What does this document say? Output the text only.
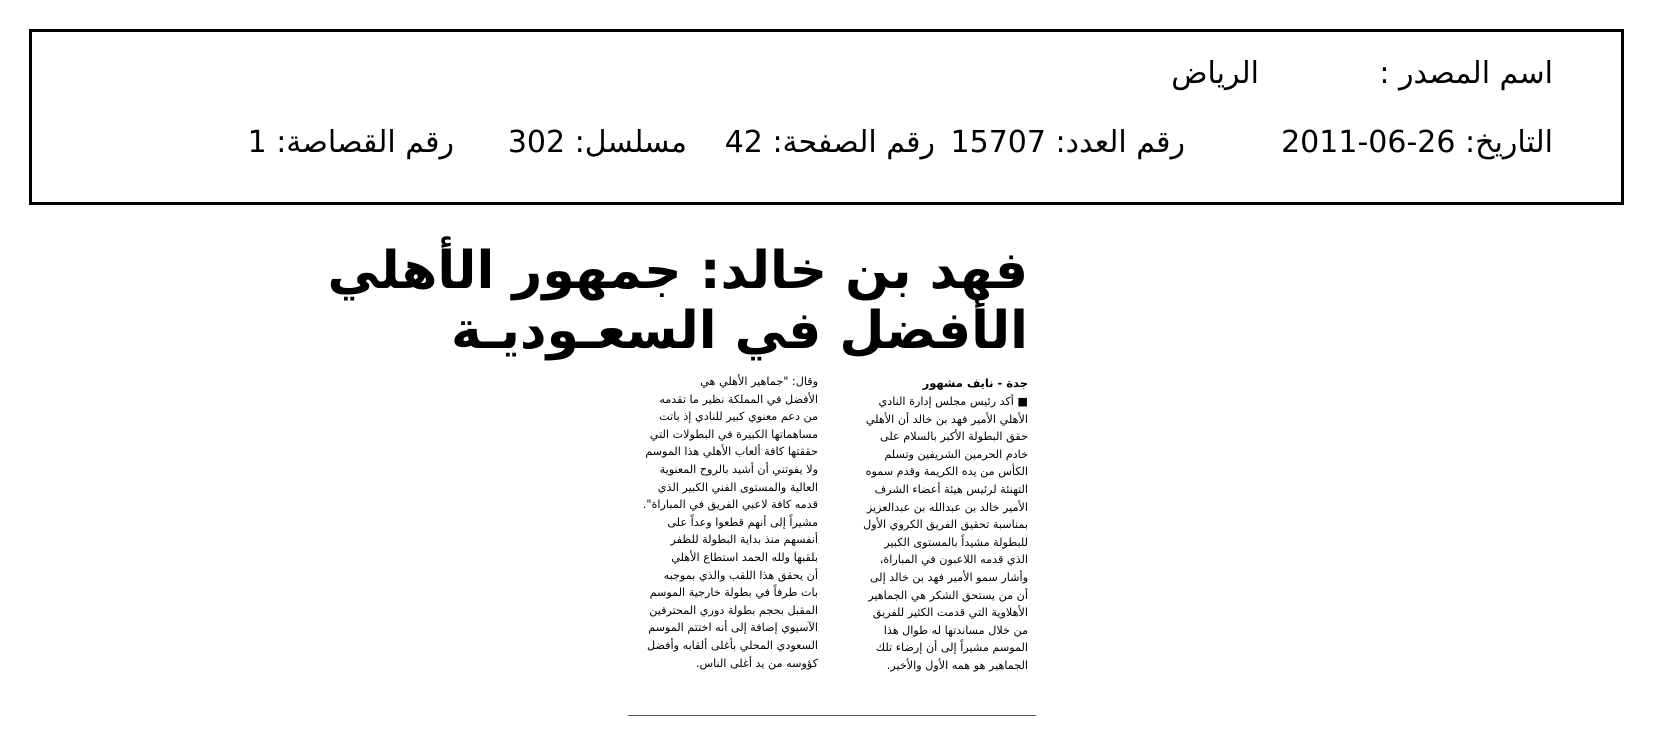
اسم المصدر :
الرياض
التاريخ: 26-06-2011
رقم العدد: 15707
رقم الصفحة: 42
مسلسل: 302
رقم القصاصة: 1
فهد بن خالد: جمهور الأهلي
الأفضل في السعـوديـة
جدة - نايف مشهور
■ أكد رئيس مجلس إدارة النادي
الأهلي الأمير فهد بن خالد أن الأهلي
حقق البطولة الأكبر بالسلام على
خادم الحرمين الشريفين وتسلم
الكأس من يده الكريمة وقدم سموه
التهنئة لرئيس هيئة أعضاء الشرف
الأمير خالد بن عبدالله بن عبدالعزيز
بمناسبة تحقيق الفريق الكروي الأول
للبطولة مشيداً بالمستوى الكبير
الذي قدمه اللاعبون في المباراة،
وأشار سمو الأمير فهد بن خالد إلى
أن من يستحق الشكر هي الجماهير
الأهلاوية التي قدمت الكثير للفريق
من خلال مساندتها له طوال هذا
الموسم مشيراً إلى أن إرضاء تلك
الجماهير هو همه الأول والأخير.
وقال: "جماهير الأهلي هي
الأفضل في المملكة نظير ما تقدمه
من دعم معنوي كبير للنادي إذ باتت
مساهماتها الكبيرة في البطولات التي
حققتها كافة ألعاب الأهلي هذا الموسم
ولا يفوتني أن أشيد بالروح المعنوية
العالية والمستوى الفني الكبير الذي
قدمه كافة لاعبي الفريق في المباراة".
مشيراً إلى أنهم قطعوا وعداً على
أنفسهم منذ بداية البطولة للظفر
بلقبها ولله الحمد استطاع الأهلي
أن يحقق هذا اللقب والذي بموجبه
بات طرفاً في بطولة خارجية الموسم
المقبل بحجم بطولة دوري المحترفين
الآسيوي إضافة إلى أنه اختتم الموسم
السعودي المحلي بأغلى ألقابه وأفضل
كؤوسه من يد أغلى الناس.
